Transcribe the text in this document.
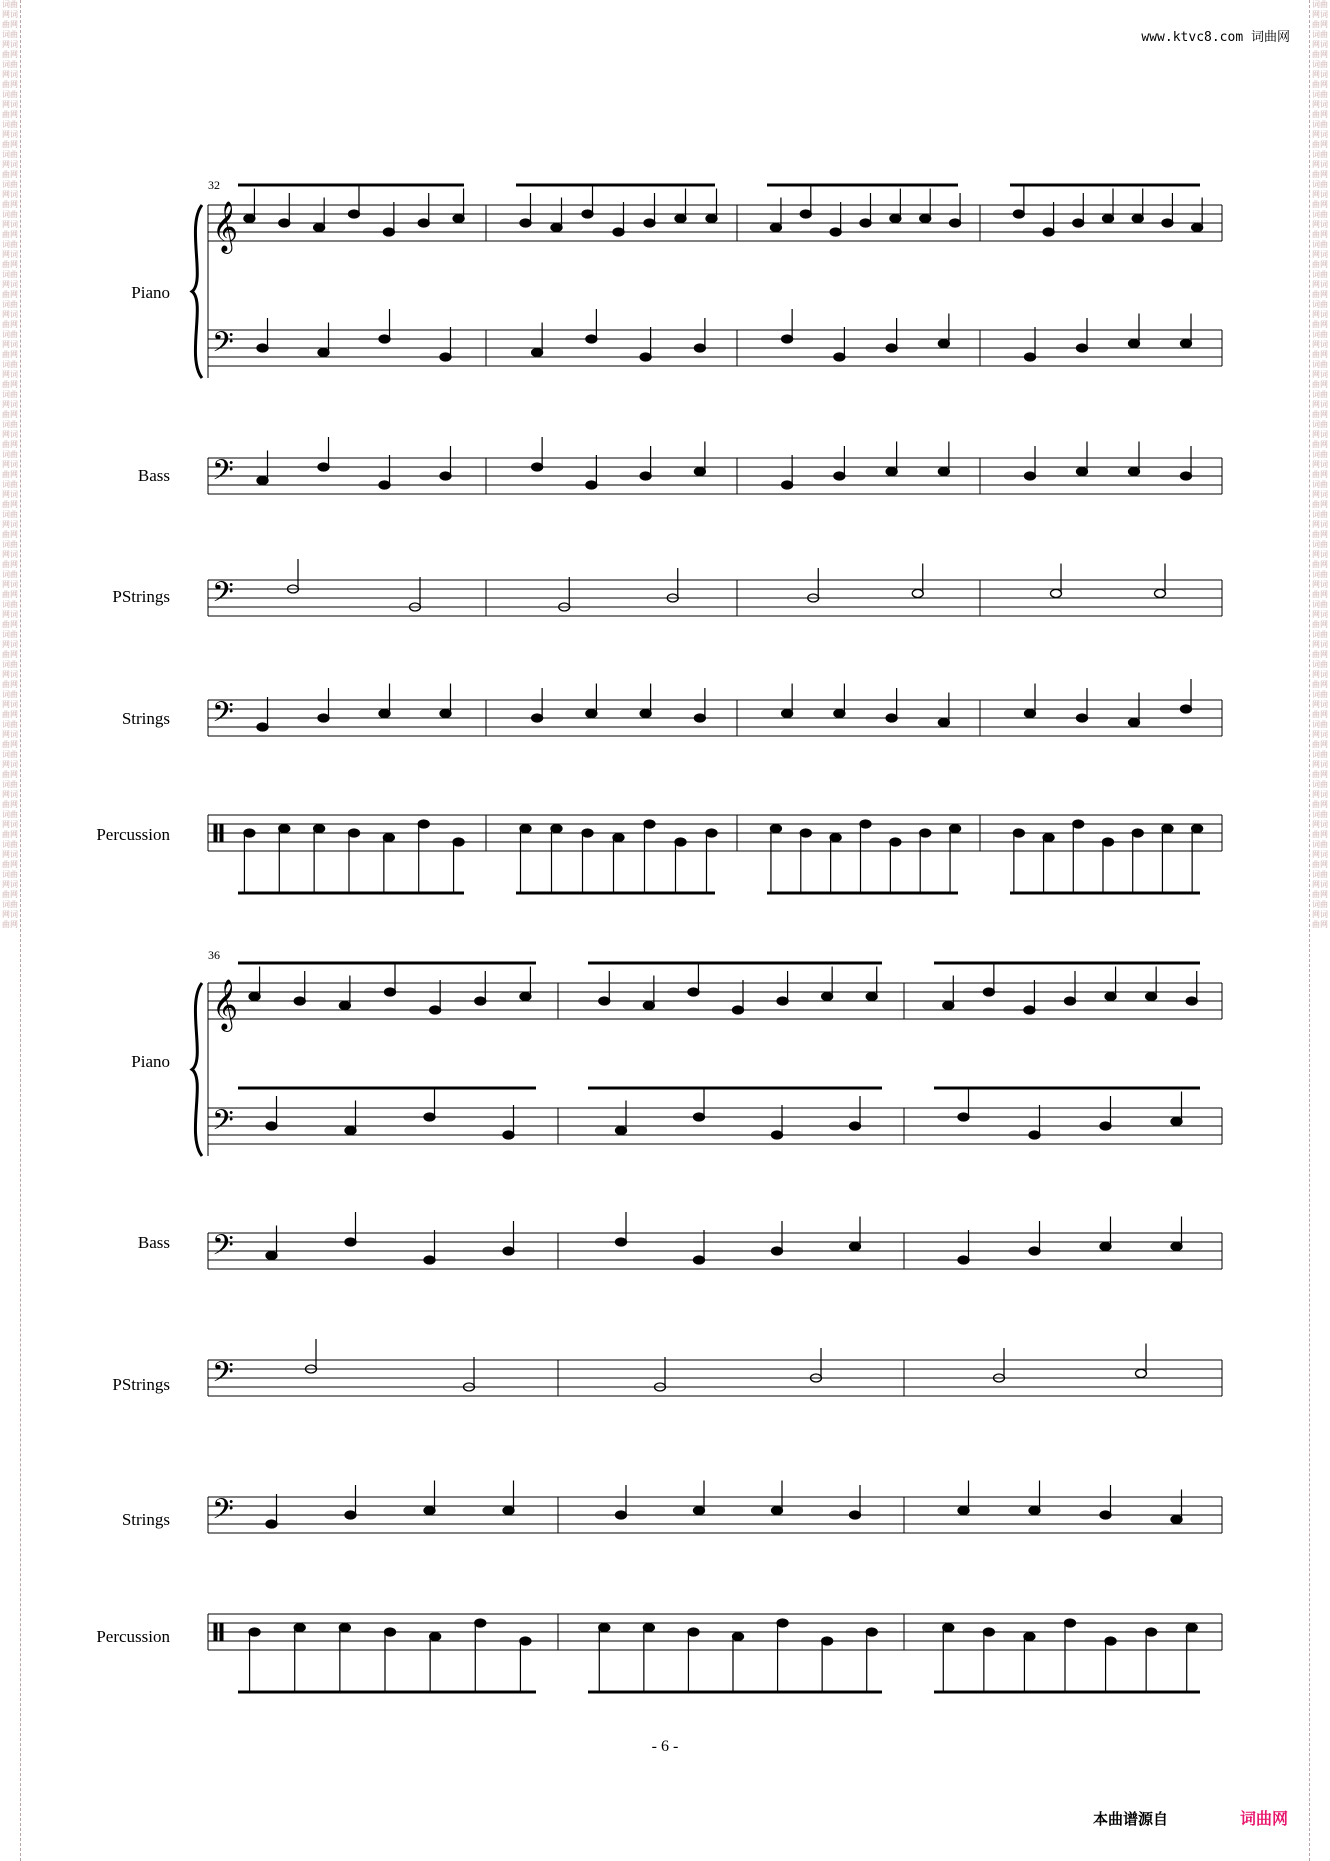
词曲网词曲网词曲网词曲网词曲网词曲网词曲网词曲网词曲网词曲网词曲网词曲网词曲网词曲网词曲网词曲网词曲网词曲网词曲网词曲网词曲网词曲网词曲网词曲网词曲网词曲网词曲网词曲网词曲网词曲网词曲网词曲网词曲网词曲网词曲网词曲网词曲网词曲网词曲网词曲网词曲网词曲网词曲网词曲网词曲网词曲网词曲网词曲网词曲网词曲网词曲网词曲网词曲网词曲网词曲网词曲网词曲网词曲网词曲网词曲网词曲网词曲网
词曲网词曲网词曲网词曲网词曲网词曲网词曲网词曲网词曲网词曲网词曲网词曲网词曲网词曲网词曲网词曲网词曲网词曲网词曲网词曲网词曲网词曲网词曲网词曲网词曲网词曲网词曲网词曲网词曲网词曲网词曲网词曲网词曲网词曲网词曲网词曲网词曲网词曲网词曲网词曲网词曲网词曲网词曲网词曲网词曲网词曲网词曲网词曲网词曲网词曲网词曲网词曲网词曲网词曲网词曲网词曲网词曲网词曲网词曲网词曲网词曲网词曲网
www.ktvc8.com 词曲网
32
Piano
Bass
PStrings
Strings
Percussion
36
Piano
Bass
PStrings
Strings
Percussion
𝄞
𝄢
𝄢
𝄢
𝄢
𝄞
𝄢
𝄢
𝄢
𝄢
- 6 -
本曲谱源自	词曲网
